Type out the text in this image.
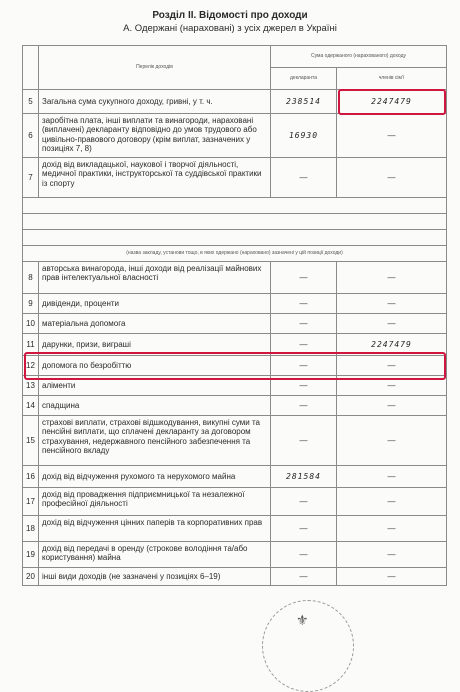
Розділ ІІ. Відомості про доходи
А. Одержані (нараховані) з усіх джерел в Україні
	Перелік доходів	Сума одержаного (нарахованого) доходу	
		декларанта	членів сім'ї
5	Загальна сума сукупного доходу, гривні, у т. ч.	238514	2247479
6	заробітна плата, інші виплати та винагороди, нараховані (виплачені) декларанту відповідно до умов трудового або цивільно-правового договору (крім виплат, зазначених у позиціях 7, 8)	16930	—
7	дохід від викладацької, наукової і творчої діяльності, медичної практики, інструкторської та суддівської практики із спорту	—	—

(назва закладу, установи тощо, в яких одержано (нараховано) зазначені у цій позиції доходи)			
8	авторська винагорода, інші доходи від реалізації майнових прав інтелектуальної власності	—	—
9	дивіденди, проценти	—	—
10	матеріальна допомога	—	—
11	дарунки, призи, виграші	—	2247479
12	допомога по безробіттю	—	—
13	аліменти	—	—
14	спадщина	—	—
15	страхові виплати, страхові відшкодування, викупні суми та пенсійні виплати, що сплачені декларанту за договором страхування, недержавного пенсійного забезпечення та пенсійного вкладу	—	—
16	дохід від відчуження рухомого та нерухомого майна	281584	—
17	дохід від провадження підприємницької та незалежної професійної діяльності	—	—
18	дохід від відчуження цінних паперів та корпоративних прав	—	—
19	дохід від передачі в оренду (строкове володіння та/або користування) майна	—	—
20	інші види доходів (не зазначені у позиціях 6–19)	—	—
⚜
